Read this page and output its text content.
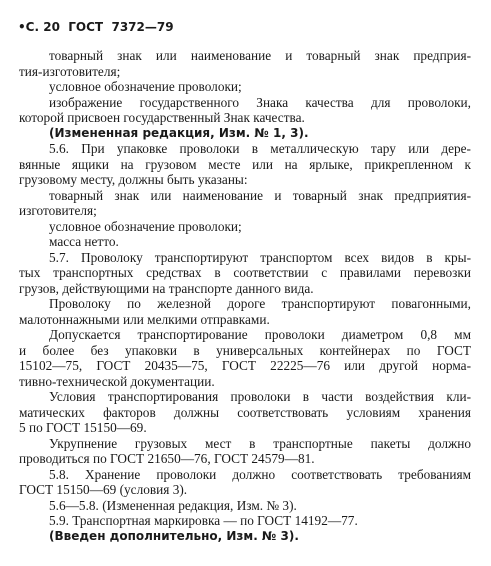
•С. 20  ГОСТ  7372—79
товарный знак или наименование и товарный знак предприя-
тия-изготовителя;
условное обозначение проволоки;
изображение государственного Знака качества для проволоки,
которой присвоен государственный Знак качества.
(Измененная редакция, Изм. № 1, 3).
5.6. При упаковке проволоки в металлическую тару или дере-
вянные ящики на грузовом месте или на ярлыке, прикрепленном к
грузовому месту, должны быть указаны:
товарный знак или наименование и товарный знак предприятия-
изготовителя;
условное обозначение проволоки;
масса нетто.
5.7. Проволоку транспортируют транспортом всех видов в кры-
тых транспортных средствах в соответствии с правилами перевозки
грузов, действующими на транспорте данного вида.
Проволоку по железной дороге транспортируют повагонными,
малотоннажными или мелкими отправками.
Допускается транспортирование проволоки диаметром 0,8 мм
и более без упаковки в универсальных контейнерах по ГОСТ
15102—75, ГОСТ 20435—75, ГОСТ 22225—76 или другой норма-
тивно-технической документации.
Условия транспортирования проволоки в части воздействия кли-
матических факторов должны соответствовать условиям хранения
5 по ГОСТ 15150—69.
Укрупнение грузовых мест в транспортные пакеты должно
проводиться по ГОСТ 21650—76, ГОСТ 24579—81.
5.8. Хранение проволоки должно соответствовать требованиям
ГОСТ 15150—69 (условия 3).
5.6—5.8. (Измененная редакция, Изм. № 3).
5.9. Транспортная маркировка — по ГОСТ 14192—77.
(Введен дополнительно, Изм. № 3).
